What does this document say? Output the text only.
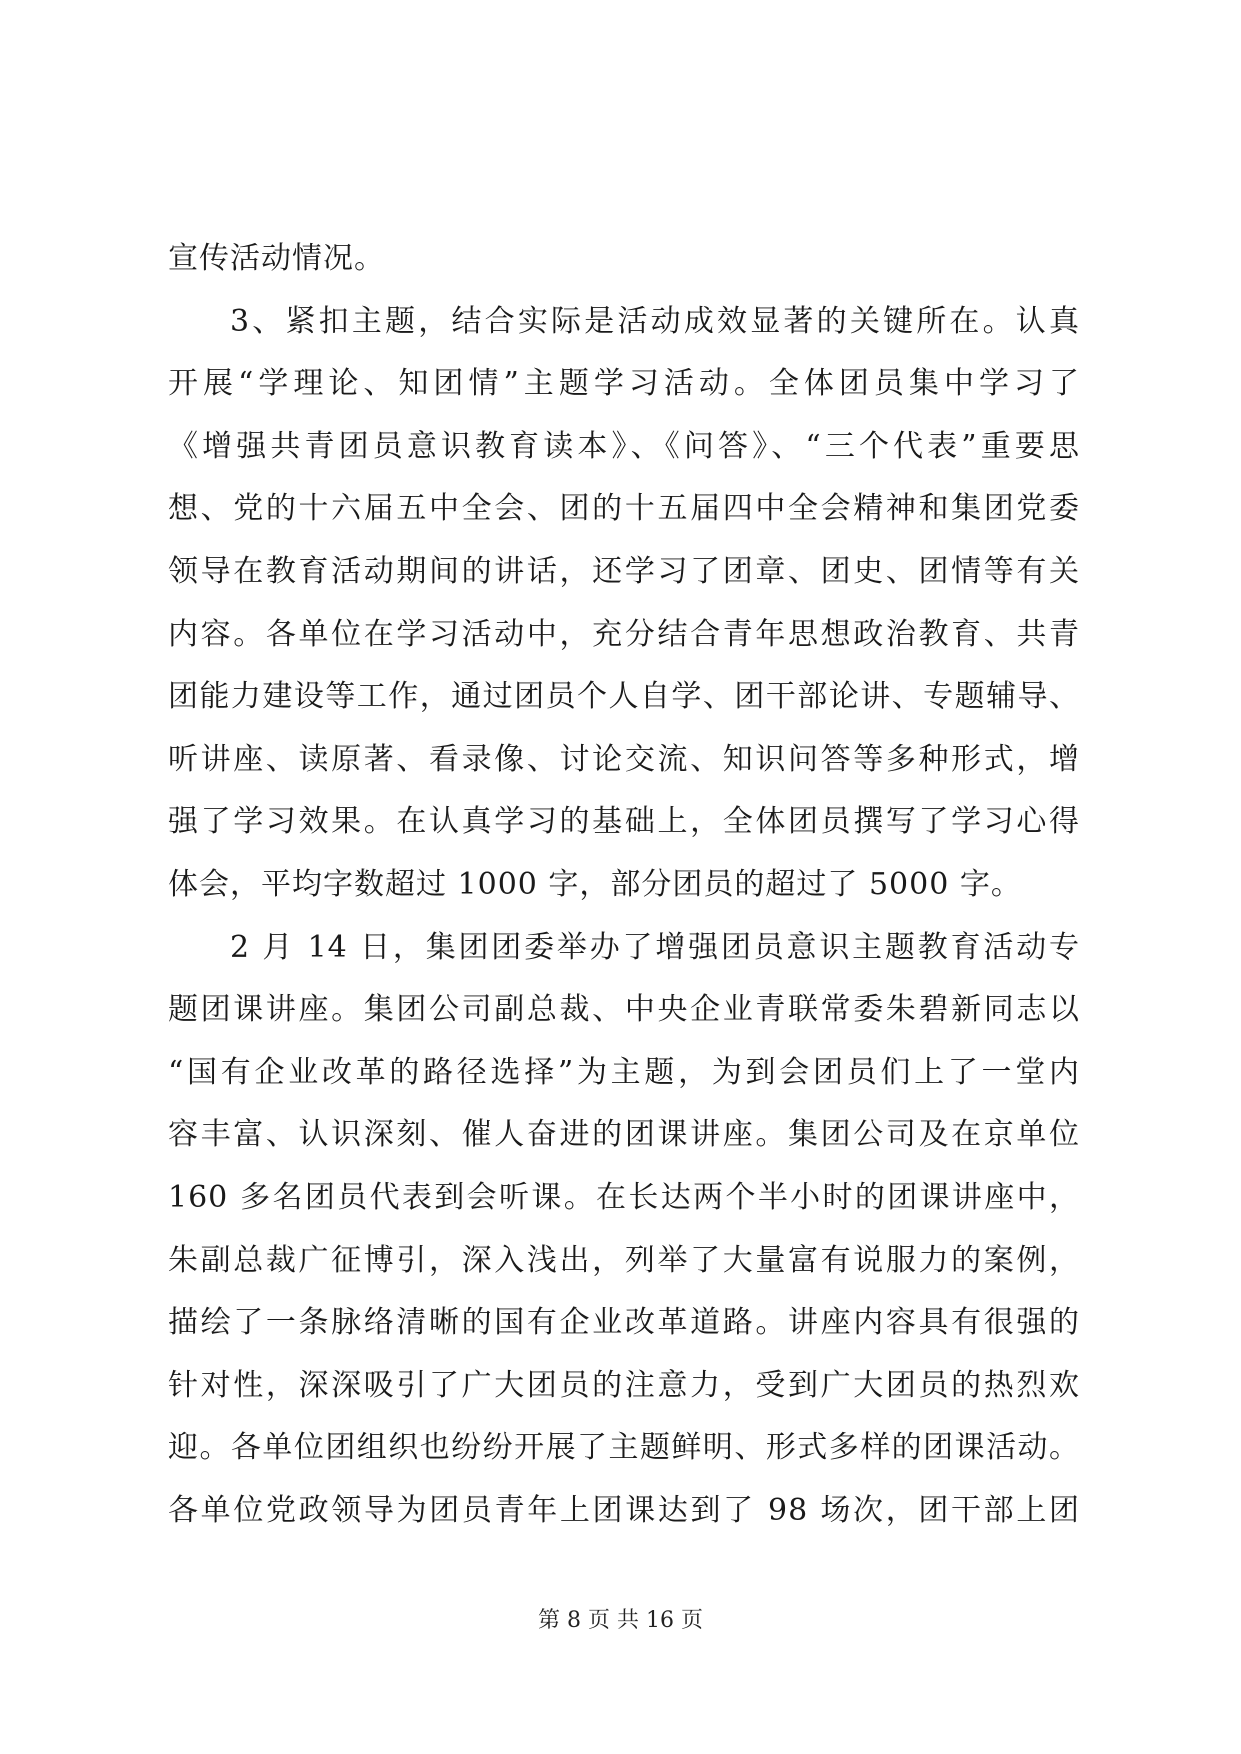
宣传活动情况。
3、紧扣主题，结合实际是活动成效显著的关键所在。认真
开展“学理论、知团情”主题学习活动。全体团员集中学习了
《增强共青团员意识教育读本》、《问答》、“三个代表”重要思
想、党的十六届五中全会、团的十五届四中全会精神和集团党委
领导在教育活动期间的讲话，还学习了团章、团史、团情等有关
内容。各单位在学习活动中，充分结合青年思想政治教育、共青
团能力建设等工作，通过团员个人自学、团干部论讲、专题辅导、
听讲座、读原著、看录像、讨论交流、知识问答等多种形式，增
强了学习效果。在认真学习的基础上，全体团员撰写了学习心得
体会，平均字数超过 1000 字，部分团员的超过了 5000 字。
2 月 14 日，集团团委举办了增强团员意识主题教育活动专
题团课讲座。集团公司副总裁、中央企业青联常委朱碧新同志以
“国有企业改革的路径选择”为主题，为到会团员们上了一堂内
容丰富、认识深刻、催人奋进的团课讲座。集团公司及在京单位
160 多名团员代表到会听课。在长达两个半小时的团课讲座中，
朱副总裁广征博引，深入浅出，列举了大量富有说服力的案例，
描绘了一条脉络清晰的国有企业改革道路。讲座内容具有很强的
针对性，深深吸引了广大团员的注意力，受到广大团员的热烈欢
迎。各单位团组织也纷纷开展了主题鲜明、形式多样的团课活动。
各单位党政领导为团员青年上团课达到了 98 场次，团干部上团
第 8 页 共 16 页
